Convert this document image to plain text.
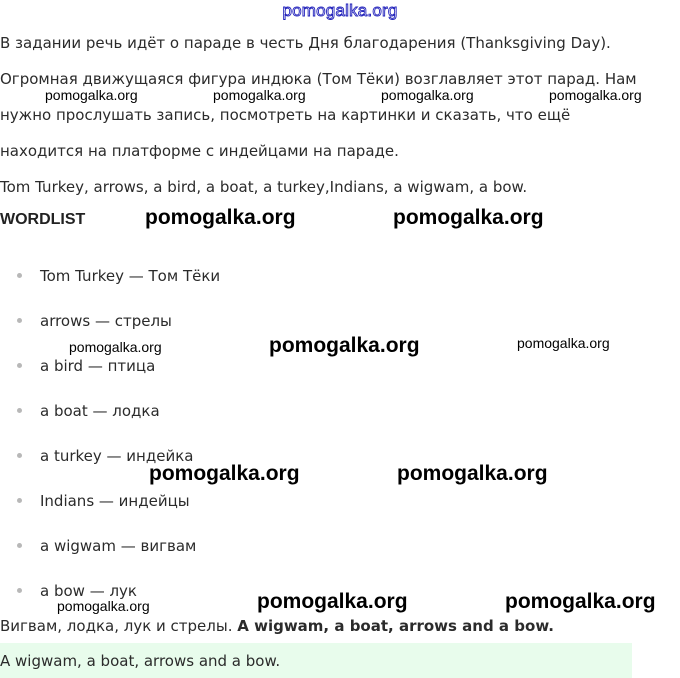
pomogalka.org
В задании речь идёт о параде в честь Дня благодарения (Thanksgiving Day).
Огромная движущаяся фигура индюка (Том Тёки) возглавляет этот парад. Нам
нужно прослушать запись, посмотреть на картинки и сказать, что ещё
находится на платформе с индейцами на параде.
Tom Turkey, arrows, a bird, a boat, a turkey,Indians, a wigwam, a bow.
WORDLIST
Tom Turkey — Том Тёки
arrows — стрелы
a bird — птица
a boat — лодка
a turkey — индейка
Indians — индейцы
a wigwam — вигвам
a bow — лук
Вигвам, лодка, лук и стрелы. A wigwam, a boat, arrows and a bow.
A wigwam, a boat, arrows and a bow.
pomogalka.org	pomogalka.org	pomogalka.org	pomogalka.org
pomogalka.org	pomogalka.org
pomogalka.org	pomogalka.org	pomogalka.org
pomogalka.org	pomogalka.org
pomogalka.org	pomogalka.org	pomogalka.org
